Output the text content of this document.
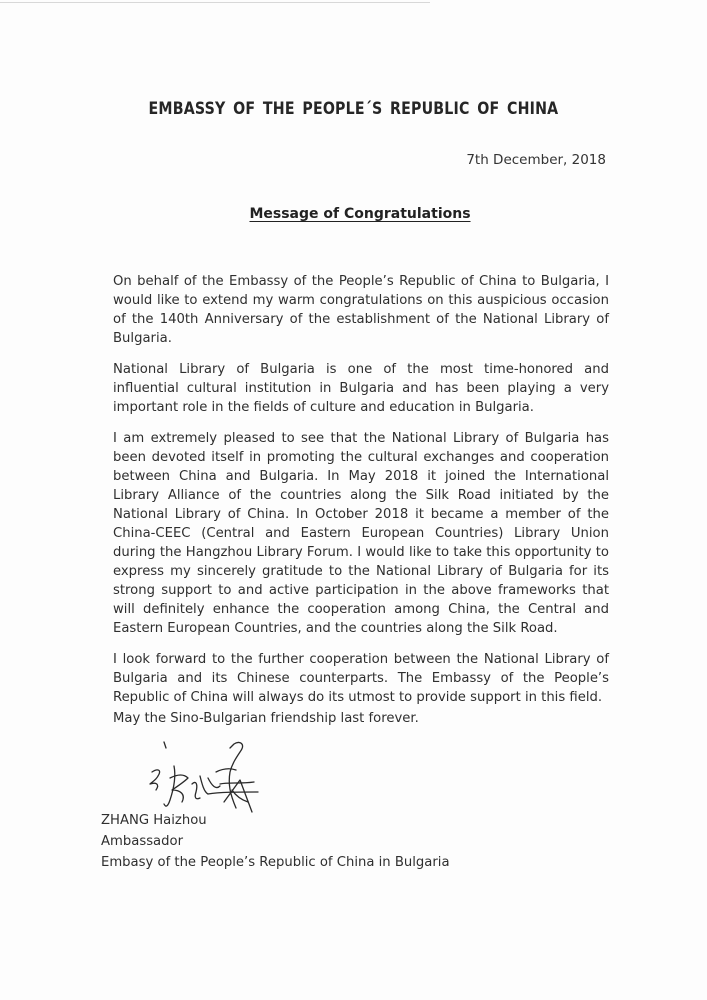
EMBASSY OF THE PEOPLE´S REPUBLIC OF CHINA
7th December, 2018
Message of Congratulations

On behalf of the Embassy of the People’s Republic of China to Bulgaria, I would like to extend my warm congratulations on this auspicious occasion of the 140th Anniversary of the establishment of the National Library of Bulgaria.

National Library of Bulgaria is one of the most time-honored and influential cultural institution in Bulgaria and has been playing a very important role in the fields of culture and education in Bulgaria.

I am extremely pleased to see that the National Library of Bulgaria has been devoted itself in promoting the cultural exchanges and cooperation between China and Bulgaria. In May 2018 it joined the International Library Alliance of the countries along the Silk Road initiated by the National Library of China. In October 2018 it became a member of the China-CEEC (Central and Eastern European Countries) Library Union during the Hangzhou Library Forum. I would like to take this opportunity to express my sincerely gratitude to the National Library of Bulgaria for its strong support to and active participation in the above frameworks that will definitely enhance the cooperation among China, the Central and Eastern European Countries, and the countries along the Silk Road.

I look forward to the further cooperation between the National Library of Bulgaria and its Chinese counterparts. The Embassy of the People’s Republic of China will always do its utmost to provide support in this field.

May the Sino-Bulgarian friendship last forever.
ZHANG Haizhou
Ambassador
Embasy of the People’s Republic of China in Bulgaria
